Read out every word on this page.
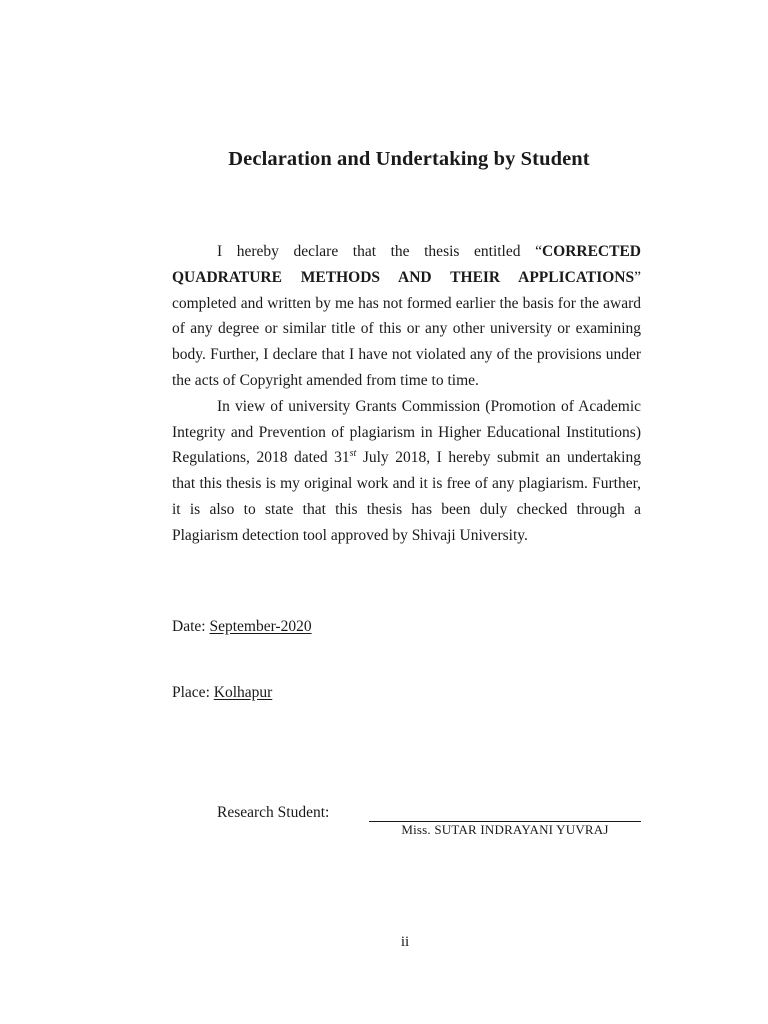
Declaration and Undertaking by Student

I hereby declare that the thesis entitled “CORRECTED QUADRATURE METHODS AND THEIR APPLICATIONS” completed and written by me has not formed earlier the basis for the award of any degree or similar title of this or any other university or examining body. Further, I declare that I have not violated any of the provisions under the acts of Copyright amended from time to time.

In view of university Grants Commission (Promotion of Academic Integrity and Prevention of plagiarism in Higher Educational Institutions) Regulations, 2018 dated 31st July 2018, I hereby submit an undertaking that this thesis is my original work and it is free of any plagiarism. Further, it is also to state that this thesis has been duly checked through a Plagiarism detection tool approved by Shivaji University.

Date: September-2020
Place: Kolhapur
Research Student:
Miss. SUTAR INDRAYANI YUVRAJ
ii
